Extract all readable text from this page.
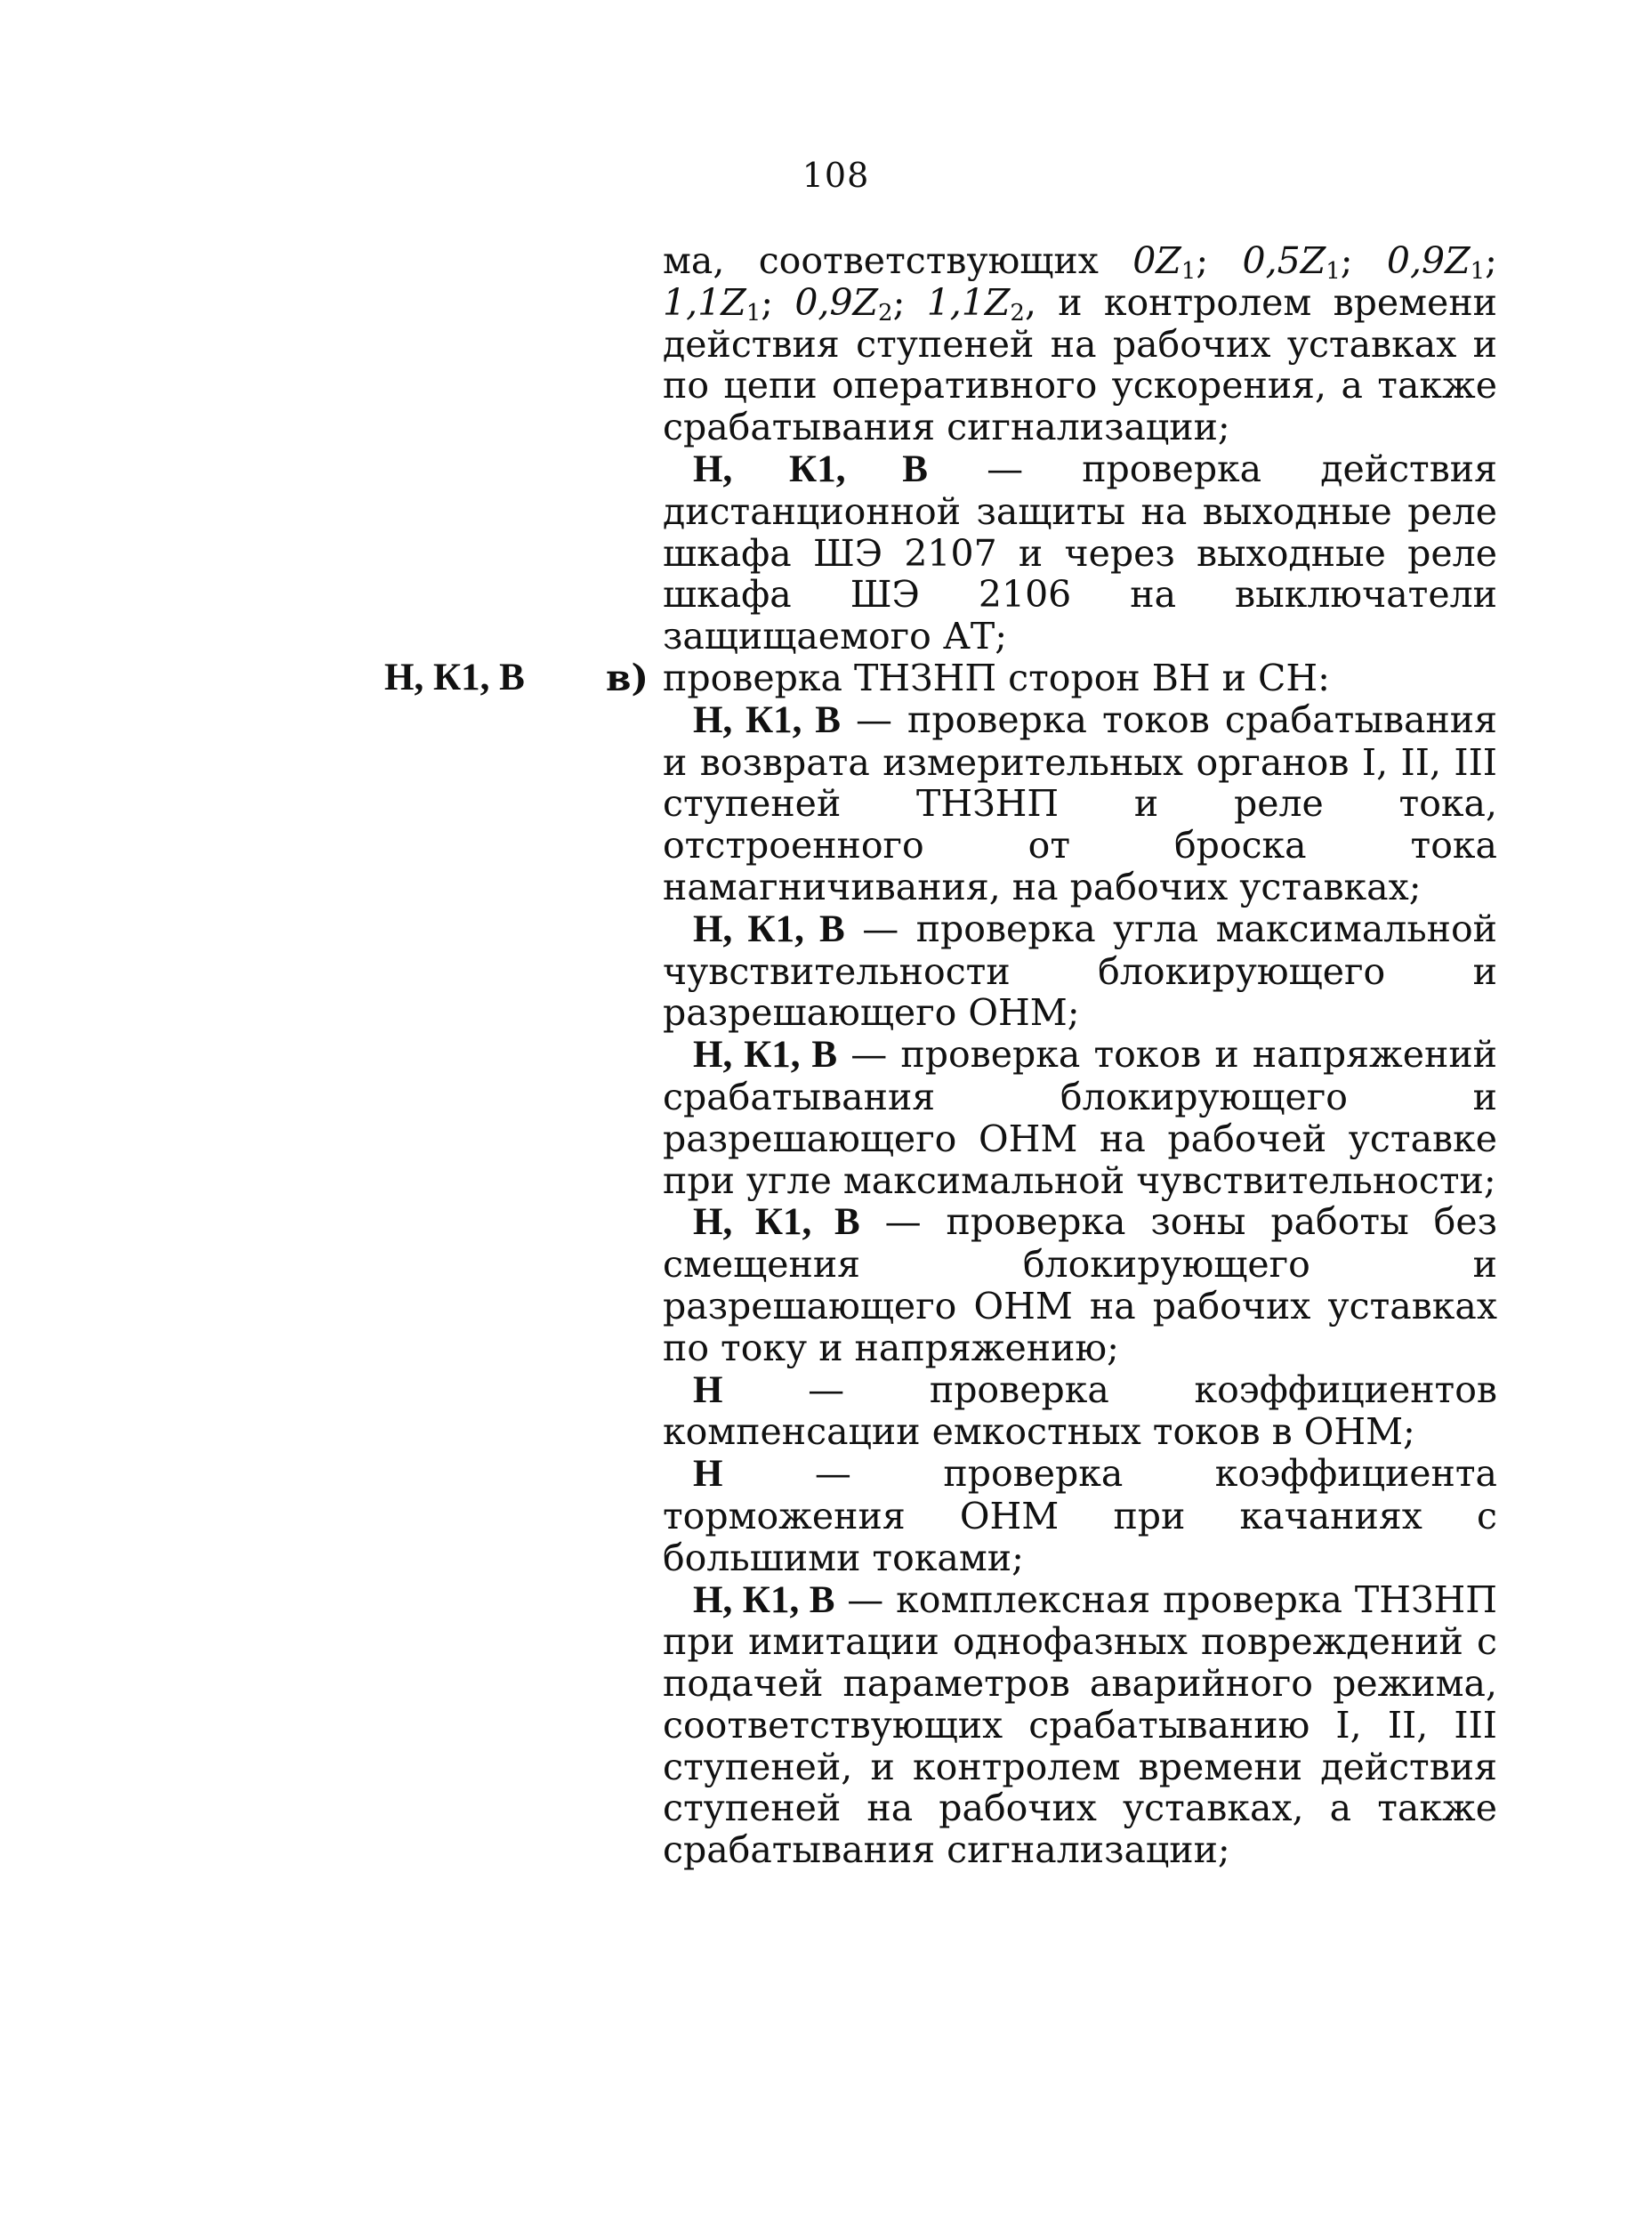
108

ма, соответствующих $0Z_1$; $0,5Z_1$; $0,9Z_1$; $1,1Z_1$; $0,9Z_2$; $1,1Z_2$, и контролем времени действия ступеней на рабочих уставках и по цепи оперативного ускорения, а также срабатывания сигнализации;

Н, К1, В — проверка действия дистанционной защиты на выходные реле шкафа ШЭ 2107 и через выходные реле шкафа ШЭ 2106 на выключатели защищаемого АТ;

Н, К1, В в) проверка ТНЗНП сторон ВН и СН:

Н, К1, В — проверка токов срабатывания и возврата измерительных органов I, II, III ступеней ТНЗНП и реле тока, отстроенного от броска тока намагничивания, на рабочих уставках;

Н, К1, В — проверка угла максимальной чувствительности блокирующего и разрешающего ОНМ;

Н, К1, В — проверка токов и напряжений срабатывания блокирующего и разрешающего ОНМ на рабочей уставке при угле максимальной чувствительности;

Н, К1, В — проверка зоны работы без смещения блокирующего и разрешающего ОНМ на рабочих уставках по току и напряжению;

Н — проверка коэффициентов компенсации емкостных токов в ОНМ;

Н — проверка коэффициента торможения ОНМ при качаниях с большими токами;

Н, К1, В — комплексная проверка ТНЗНП при имитации однофазных повреждений с подачей параметров аварийного режима, соответствующих срабатыванию I, II, III ступеней, и контролем времени действия ступеней на рабочих уставках, а также срабатывания сигнализации;
